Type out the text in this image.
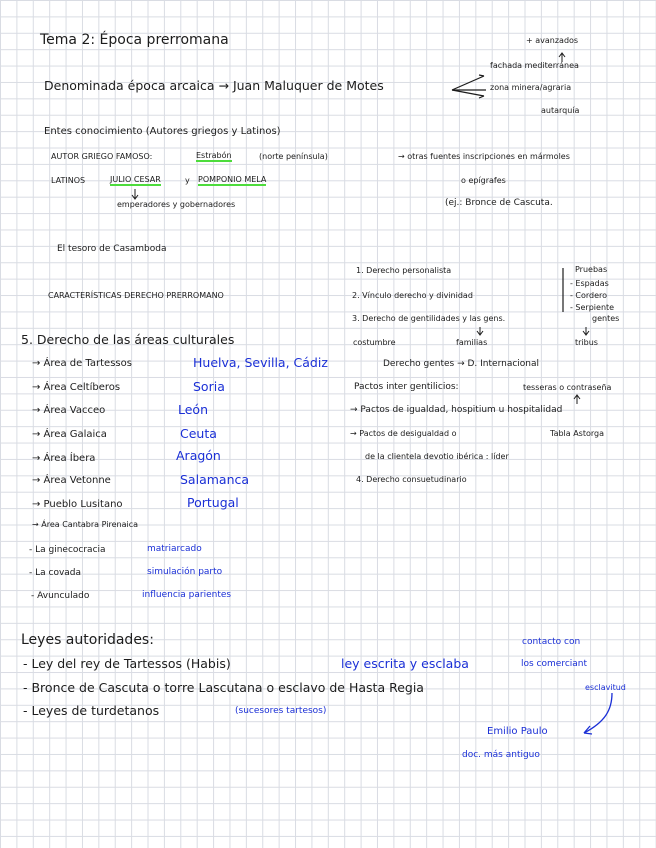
Tema 2: Época prerromana	+ avanzados
fachada mediterránea
zona minera/agraria
autarquía
Denominada época arcaica → Juan Maluquer de Motes
Entes conocimiento (Autores griegos y Latinos)
AUTOR GRIEGO FAMOSO:	Estrabón	(norte península)	→ otras fuentes inscripciones en mármoles
LATINOS	JULIO CESAR	y POMPONIO MELA	o epígrafes
emperadores y gobernadores	(ej.: Bronce de Cascuta.
El tesoro de Casamboda
1. Derecho personalista
2. Vínculo derecho y divinidad
3. Derecho de gentilidades y las gens.	gentes
costumbre	familias	tribus
Pruebas
- Espadas
- Cordero
- Serpiente
Derecho gentes → D. Internacional
Pactos inter gentilicios:	tesseras o contraseña
→ Pactos de igualdad, hospitium u hospitalidad
→ Pactos de desigualdad o	Tabla Astorga
de la clientela devotio ibérica : líder
4. Derecho consuetudinario
CARACTERÍSTICAS DERECHO PRERROMANO
5. Derecho de las áreas culturales
→ Área de Tartessos	Huelva, Sevilla, Cádiz
→ Área Celtíberos	Soria
→ Área Vacceo	León
→ Área Galaica	Ceuta
→ Área Íbera	Aragón
→ Área Vetonne	Salamanca
→ Pueblo Lusitano	Portugal
→ Área Cantabra Pirenaica
- La ginecocracia	matriarcado
- La covada	simulación parto
- Avunculado	influencia parientes
Leyes autoridades:	contacto con
los comerciant
- Ley del rey de Tartessos (Habis)	ley escrita y esclaba
- Bronce de Cascuta o torre Lascutana o esclavo de Hasta Regia	esclavitud
- Leyes de turdetanos	(sucesores tartesos)
Emilio Paulo
doc. más antiguo
